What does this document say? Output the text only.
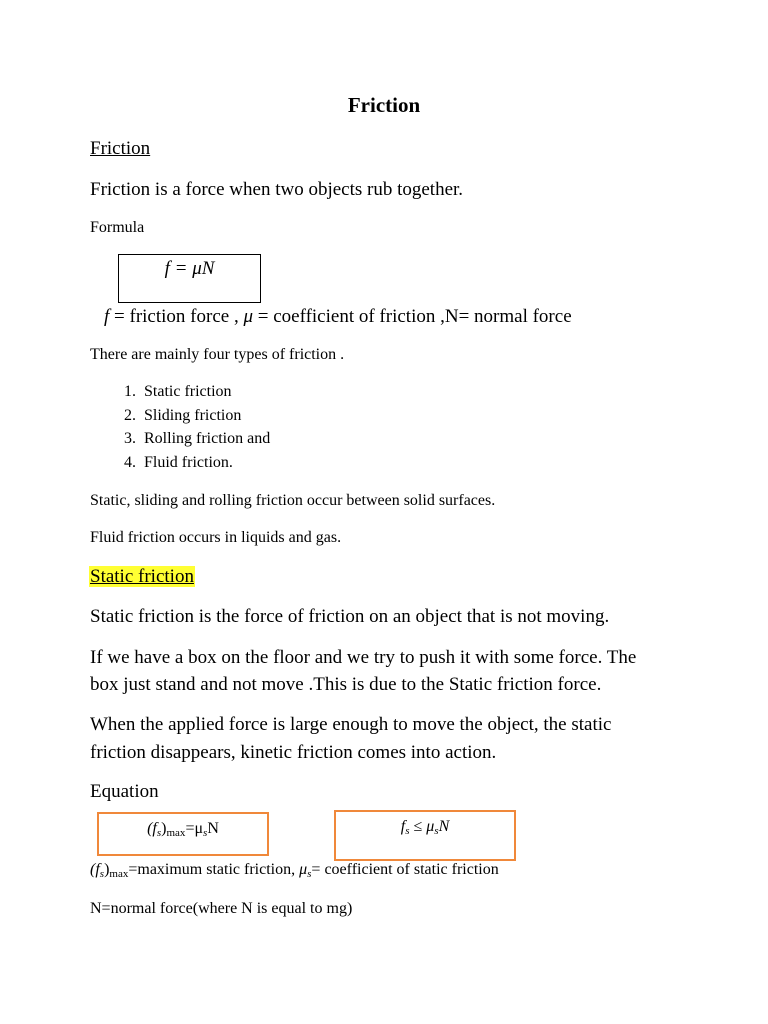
Friction
Friction
Friction is a force when two objects rub together.
Formula
f = μN
f = friction force , μ = coefficient of friction ,N= normal force
There are mainly four types of friction .
1. Static friction
2. Sliding friction
3. Rolling friction and
4. Fluid friction.
Static, sliding and rolling friction occur between solid surfaces.
Fluid friction occurs in liquids and gas.
Static friction
Static friction is the force of friction on an object that is not moving.
If we have a box on the floor and we try to push it with some force. The
box just stand and not move .This is due to the Static friction force.
When the applied force is large enough to move the object, the static
friction disappears, kinetic friction comes into action.
Equation
$(f_s)\max=\mu_sN$	$f_s \le \mu_sN$
$(f_s)\max=maximum$ static friction, $\mu_s=$ coefficient of static friction
N=normal force(where N is equal to mg)
